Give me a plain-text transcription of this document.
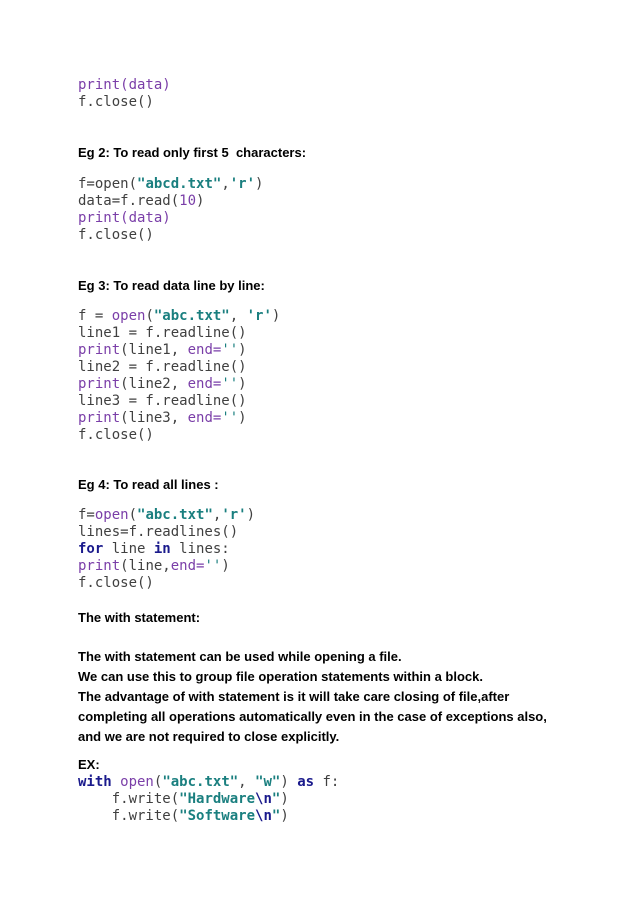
print(data)
f.close()
Eg 2: To read only first 5  characters:
f=open("abcd.txt",'r')
data=f.read(10)
print(data)
f.close()
Eg 3: To read data line by line:
f = open("abc.txt", 'r')
line1 = f.readline()
print(line1, end='')
line2 = f.readline()
print(line2, end='')
line3 = f.readline()
print(line3, end='')
f.close()
Eg 4: To read all lines :
f=open("abc.txt",'r')
lines=f.readlines()
for line in lines:
print(line,end='')
f.close()
The with statement:
The with statement can be used while opening a file.
We can use this to group file operation statements within a block.
The advantage of with statement is it will take care closing of file,after
completing all operations automatically even in the case of exceptions also,
and we are not required to close explicitly.
EX:
with open("abc.txt", "w") as f:
f.write("Hardware\n")
f.write("Software\n")
